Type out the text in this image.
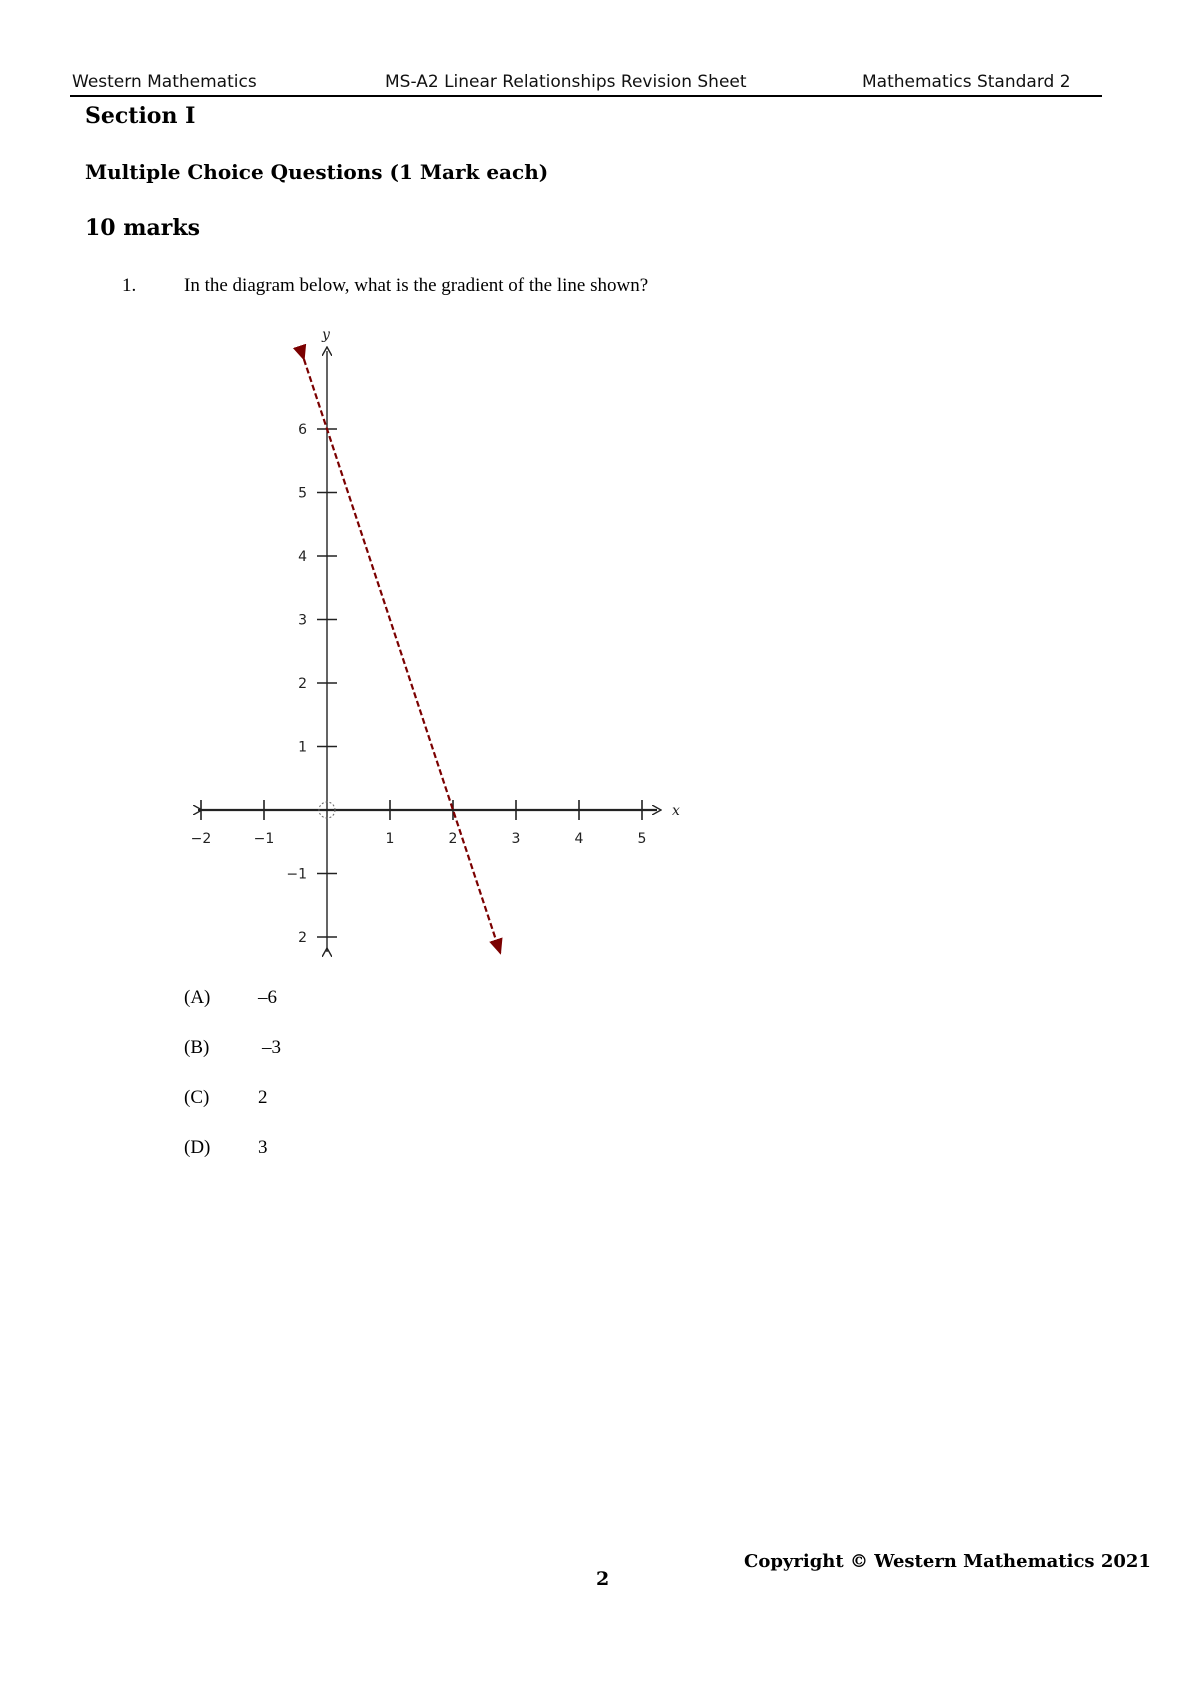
Western Mathematics	MS-A2 Linear Relationships Revision Sheet	Mathematics Standard 2
Section I
Multiple Choice Questions (1 Mark each)
10 marks
1.	In the diagram below, what is the gradient of the line shown?
x
y
−2	−1	1	2	3	4	5
6
5
4
3
2
1
−1
2
(A)	–6
(B)	–3
(C)	2
(D)	3
2
Copyright © Western Mathematics 2021
